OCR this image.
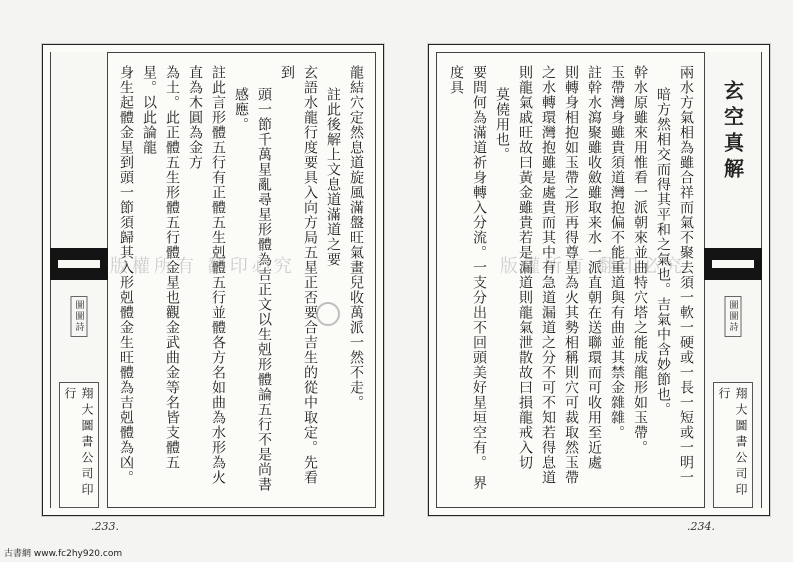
圖圖詩
翔大圖書公司印行	龍結穴定然息道旋風滿盤旺氣畫兒收萬派一然不走。

註此後解上文息道滿道之要

玄語水龍行度要具入向方局五星正否要合吉生的從中取定。先看到

頭一節千萬星亂尋星形體為吉正文以生剋形體論五行不是尚書感應。

註此言形體五行有正體五生剋體五行並體各方名如曲為水形為火直為木圓為金方

為土。此正體五生形體五行體金星也觀金武曲金等名皆支體五星。以此論龍

身生起體金星到頭一節須歸其入形剋體金生旺體為吉剋體為凶。

.233.
玄空真解
圖圖詩
翔大圖書公司印行

兩水方氣相為雖合祥而氣不聚去須一軟一硬或一長一短或一明一

暗方然相交而得其平和之氣也。吉氣中含妙節也。

幹水原雖來用惟看一派朝來並曲特穴塔之能成龍形如玉帶。

玉帶灣身雖貴須道灣抱偏不能重道與有曲並其禁金雜雜。

註幹水瀉聚雖收斂雖取来水一派直朝在送聯環而可收用至近處

則轉身相抱如玉帶之形再得尊星為火其勢相稱則穴可裁取然玉帶

之水轉環灣抱雖是處貴而其中有急道漏道之分不可不知若得息道

則龍氣戚旺故曰黃金雖貴若是漏道則龍氣泄散故曰損龍戒入切

莫僥用也。

要問何為滿道祈身轉入分流。一支分出不回頭美好星垣空有。 界度具

.234.
版權所有 翻印必究	版權所有 翻印必究
古書網 www.fc2hy920.com
